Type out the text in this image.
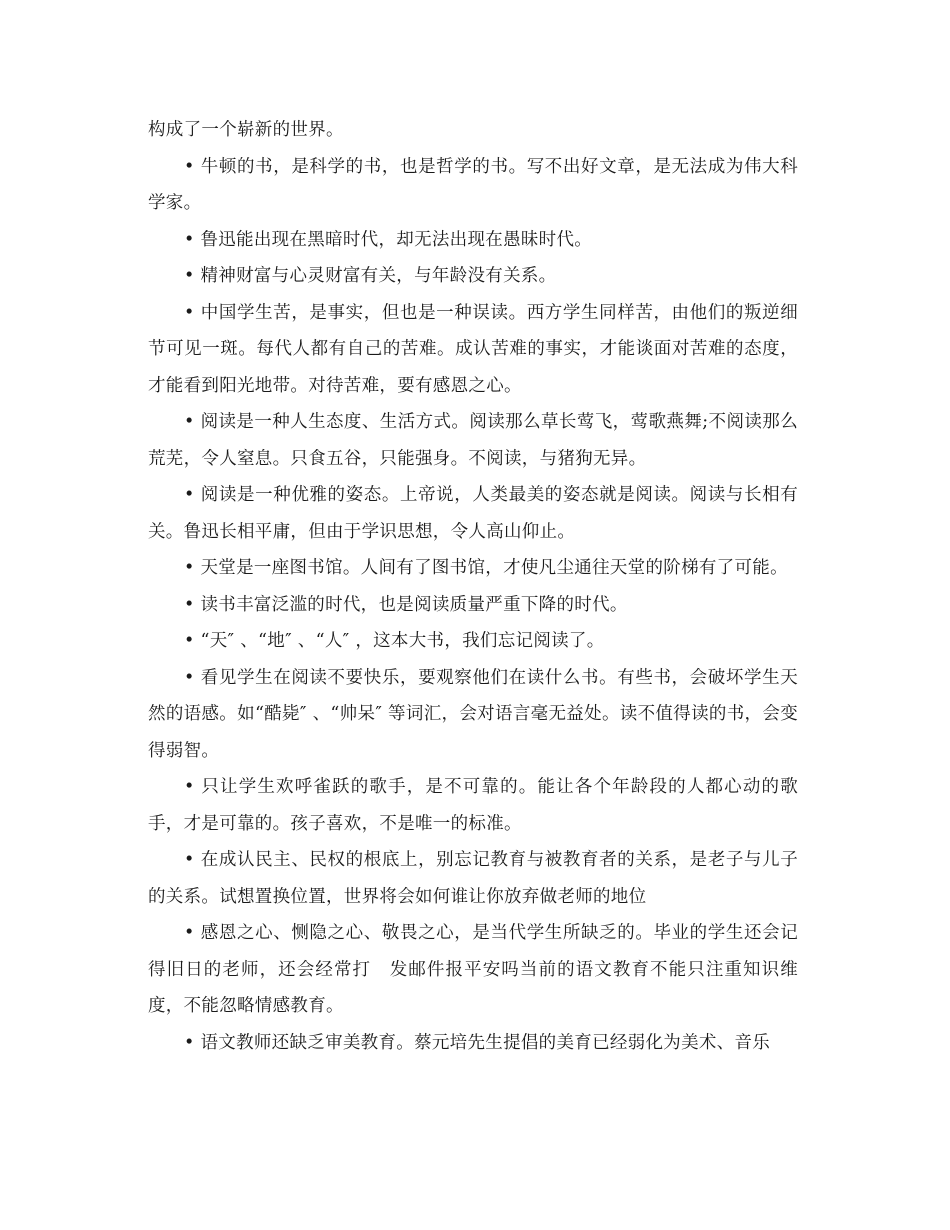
构成了一个崭新的世界。

• 牛顿的书，是科学的书，也是哲学的书。写不出好文章，是无法成为伟大科学家。

• 鲁迅能出现在黑暗时代，却无法出现在愚昧时代。

• 精神财富与心灵财富有关，与年龄没有关系。

• 中国学生苦，是事实，但也是一种误读。西方学生同样苦，由他们的叛逆细节可见一斑。每代人都有自己的苦难。成认苦难的事实，才能谈面对苦难的态度，才能看到阳光地带。对待苦难，要有感恩之心。

• 阅读是一种人生态度、生活方式。阅读那么草长莺飞，莺歌燕舞;不阅读那么荒芜，令人窒息。只食五谷，只能强身。不阅读，与猪狗无异。

• 阅读是一种优雅的姿态。上帝说，人类最美的姿态就是阅读。阅读与长相有关。鲁迅长相平庸，但由于学识思想，令人高山仰止。

• 天堂是一座图书馆。人间有了图书馆，才使凡尘通往天堂的阶梯有了可能。

• 读书丰富泛滥的时代，也是阅读质量严重下降的时代。

• “天″ 、“地″ 、“人″ ，这本大书，我们忘记阅读了。

• 看见学生在阅读不要快乐，要观察他们在读什么书。有些书，会破坏学生天然的语感。如“酷毙″ 、“帅呆″ 等词汇，会对语言毫无益处。读不值得读的书，会变得弱智。

• 只让学生欢呼雀跃的歌手，是不可靠的。能让各个年龄段的人都心动的歌手，才是可靠的。孩子喜欢，不是唯一的标准。

• 在成认民主、民权的根底上，别忘记教育与被教育者的关系，是老子与儿子的关系。试想置换位置，世界将会如何谁让你放弃做老师的地位

• 感恩之心、恻隐之心、敬畏之心，是当代学生所缺乏的。毕业的学生还会记得旧日的老师，还会经常打　发邮件报平安吗当前的语文教育不能只注重知识维度，不能忽略情感教育。

• 语文教师还缺乏审美教育。蔡元培先生提倡的美育已经弱化为美术、音乐
